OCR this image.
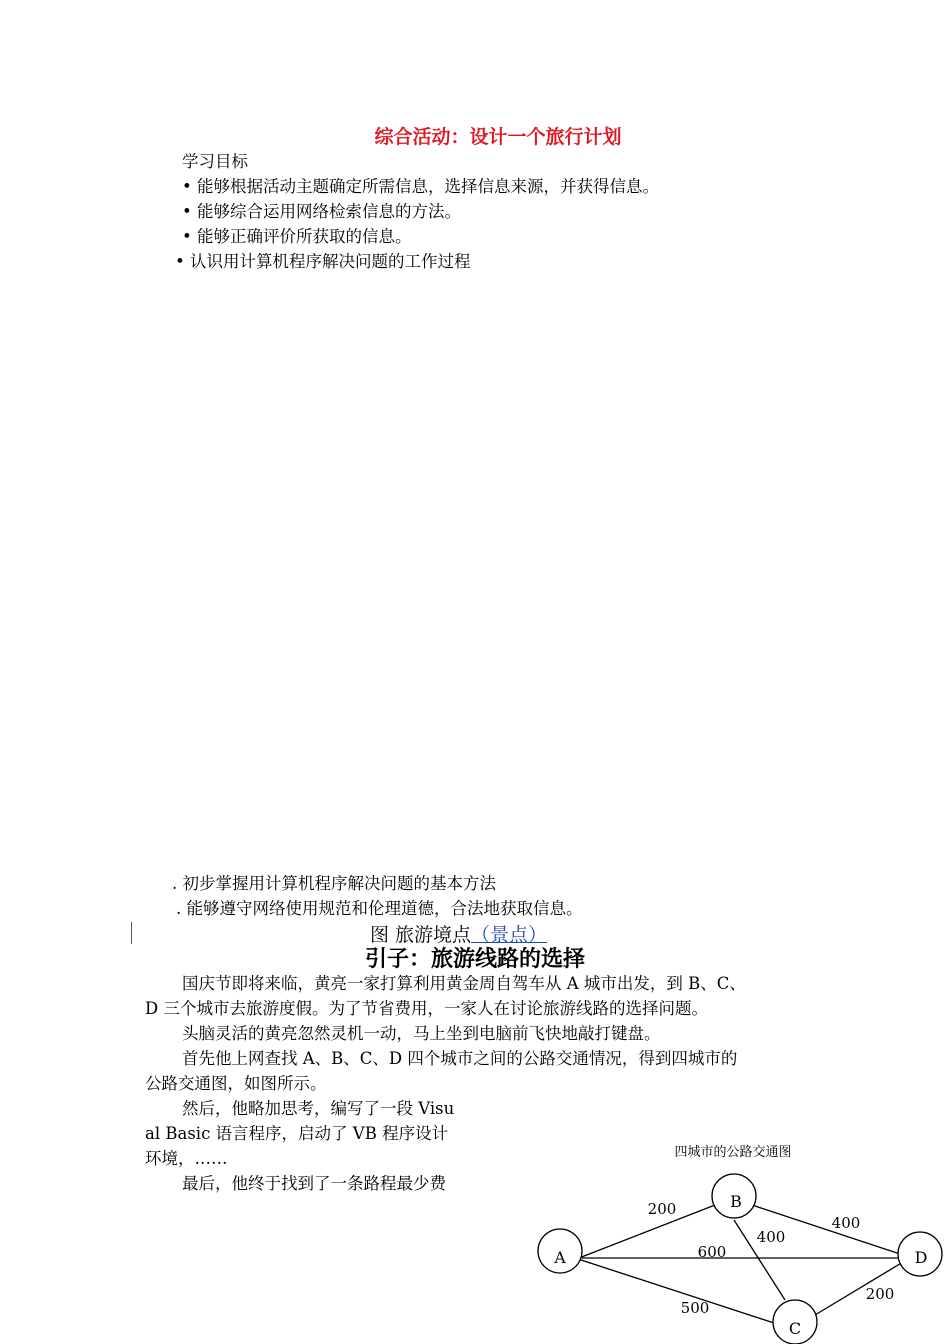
综合活动：设计一个旅行计划
学习目标
• 能够根据活动主题确定所需信息，选择信息来源，并获得信息。
• 能够综合运用网络检索信息的方法。
• 能够正确评价所获取的信息。
• 认识用计算机程序解决问题的工作过程
. 初步掌握用计算机程序解决问题的基本方法
. 能够遵守网络使用规范和伦理道德，合法地获取信息。
图 旅游境点（景点）
引子：旅游线路的选择
国庆节即将来临，黄亮一家打算利用黄金周自驾车从 A 城市出发，到 B、C、
D 三个城市去旅游度假。为了节省费用，一家人在讨论旅游线路的选择问题。
头脑灵活的黄亮忽然灵机一动，马上坐到电脑前飞快地敲打键盘。
首先他上网查找 A、B、C、D 四个城市之间的公路交通情况，得到四城市的
公路交通图，如图所示。
然后，他略加思考，编写了一段 Visu
al Basic 语言程序，启动了 VB 程序设计
环境，……
最后，他终于找到了一条路程最少费
四城市的公路交通图
200
600
500
400
400
200
A
B
C
D
